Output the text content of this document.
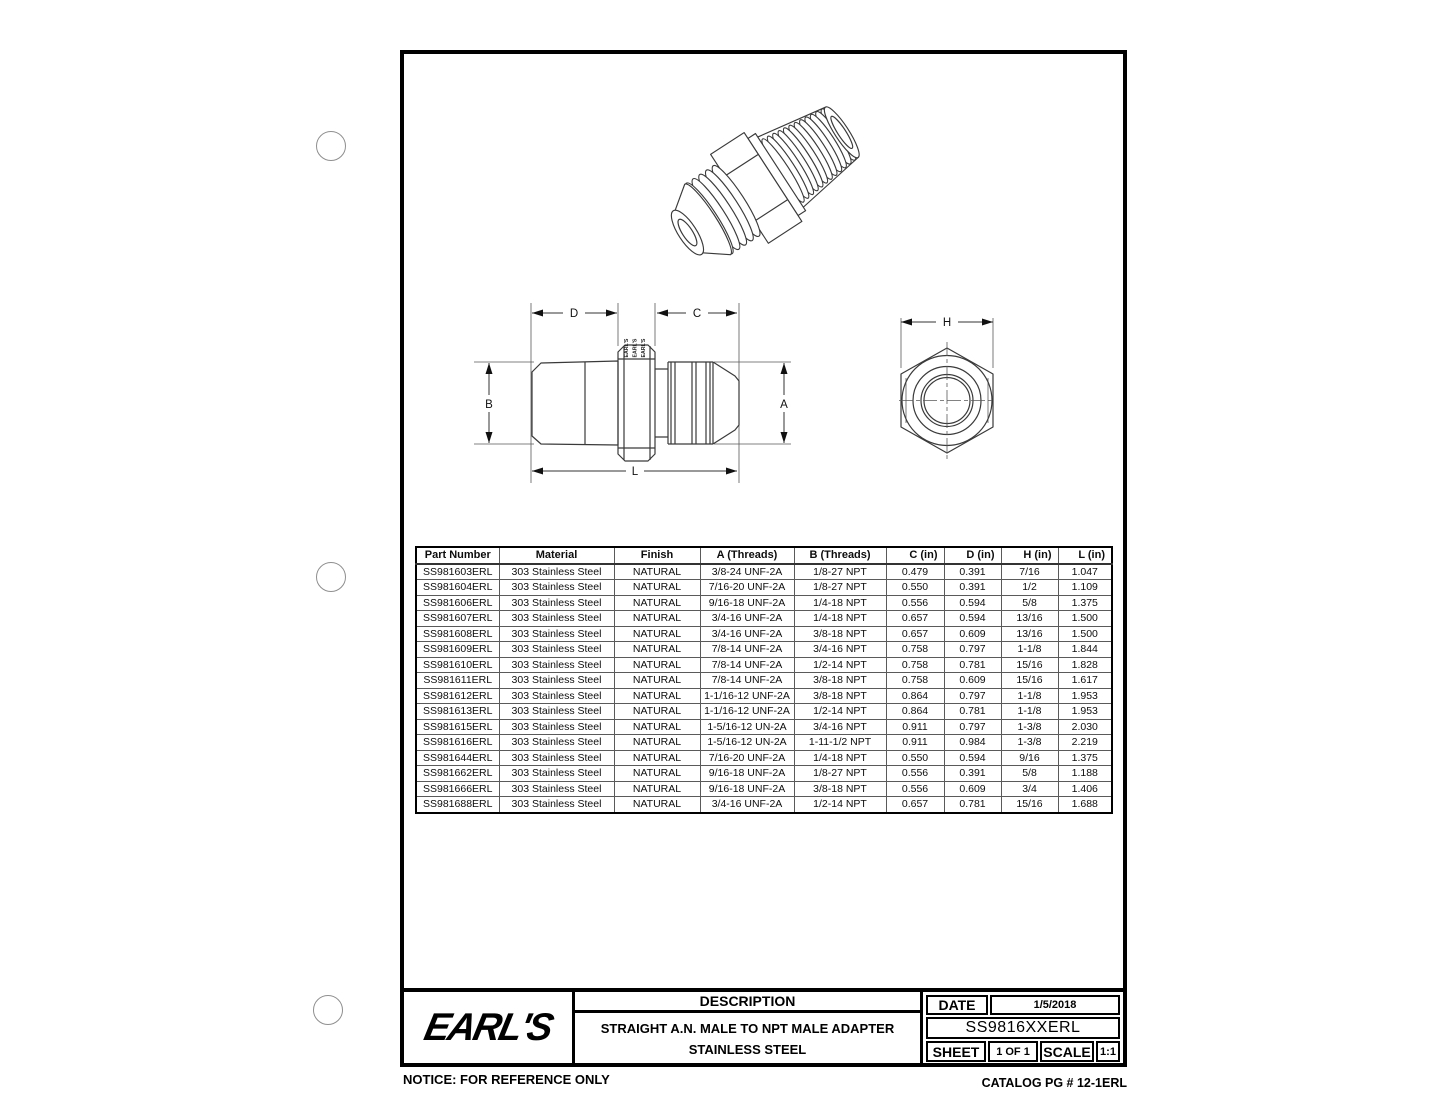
EARL'S EARL'S EARL'S
D	C
B	A
L
H
Part Number	Material	Finish	A (Threads)	B (Threads)	C (in)	D (in)	H (in)	L (in)
SS981603ERL	303 Stainless Steel	NATURAL	3/8-24 UNF-2A	1/8-27 NPT	0.479	0.391	7/16	1.047
SS981604ERL	303 Stainless Steel	NATURAL	7/16-20 UNF-2A	1/8-27 NPT	0.550	0.391	1/2	1.109
SS981606ERL	303 Stainless Steel	NATURAL	9/16-18 UNF-2A	1/4-18 NPT	0.556	0.594	5/8	1.375
SS981607ERL	303 Stainless Steel	NATURAL	3/4-16 UNF-2A	1/4-18 NPT	0.657	0.594	13/16	1.500
SS981608ERL	303 Stainless Steel	NATURAL	3/4-16 UNF-2A	3/8-18 NPT	0.657	0.609	13/16	1.500
SS981609ERL	303 Stainless Steel	NATURAL	7/8-14 UNF-2A	3/4-16 NPT	0.758	0.797	1-1/8	1.844
SS981610ERL	303 Stainless Steel	NATURAL	7/8-14 UNF-2A	1/2-14 NPT	0.758	0.781	15/16	1.828
SS981611ERL	303 Stainless Steel	NATURAL	7/8-14 UNF-2A	3/8-18 NPT	0.758	0.609	15/16	1.617
SS981612ERL	303 Stainless Steel	NATURAL	1-1/16-12 UNF-2A	3/8-18 NPT	0.864	0.797	1-1/8	1.953
SS981613ERL	303 Stainless Steel	NATURAL	1-1/16-12 UNF-2A	1/2-14 NPT	0.864	0.781	1-1/8	1.953
SS981615ERL	303 Stainless Steel	NATURAL	1-5/16-12 UN-2A	3/4-16 NPT	0.911	0.797	1-3/8	2.030
SS981616ERL	303 Stainless Steel	NATURAL	1-5/16-12 UN-2A	1-11-1/2 NPT	0.911	0.984	1-3/8	2.219
SS981644ERL	303 Stainless Steel	NATURAL	7/16-20 UNF-2A	1/4-18 NPT	0.550	0.594	9/16	1.375
SS981662ERL	303 Stainless Steel	NATURAL	9/16-18 UNF-2A	1/8-27 NPT	0.556	0.391	5/8	1.188
SS981666ERL	303 Stainless Steel	NATURAL	9/16-18 UNF-2A	3/8-18 NPT	0.556	0.609	3/4	1.406
SS981688ERL	303 Stainless Steel	NATURAL	3/4-16 UNF-2A	1/2-14 NPT	0.657	0.781	15/16	1.688
EARL'S
DESCRIPTION
STRAIGHT A.N. MALE TO NPT MALE ADAPTER
STAINLESS STEEL
DATE	1/5/2018
SS9816XXERL
SHEET	1 OF 1 SCALE 1:1
NOTICE: FOR REFERENCE ONLY	CATALOG PG # 12-1ERL
